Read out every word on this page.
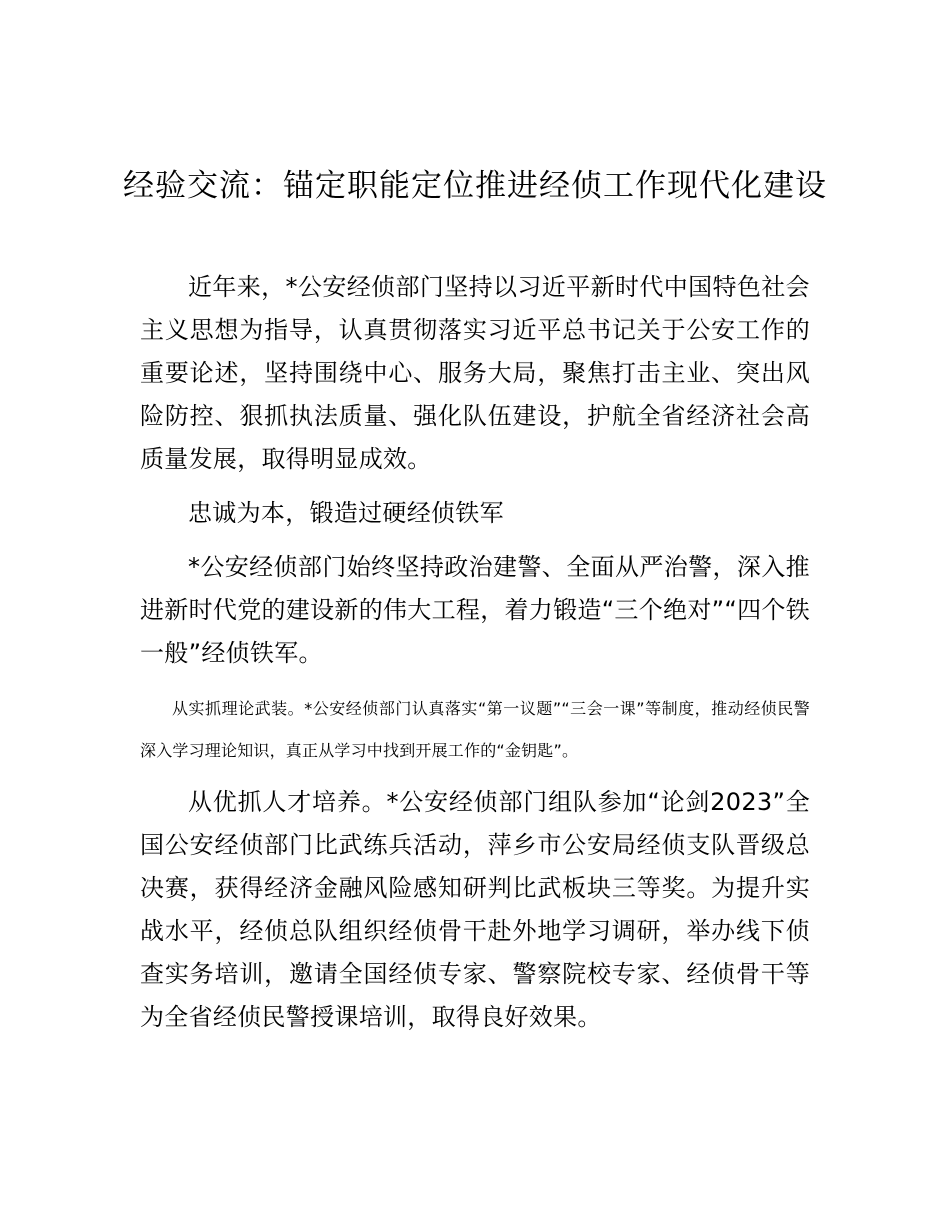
经验交流：锚定职能定位推进经侦工作现代化建设

近年来，*公安经侦部门坚持以习近平新时代中国特色社会主义思想为指导，认真贯彻落实习近平总书记关于公安工作的重要论述，坚持围绕中心、服务大局，聚焦打击主业、突出风险防控、狠抓执法质量、强化队伍建设，护航全省经济社会高质量发展，取得明显成效。

忠诚为本，锻造过硬经侦铁军

*公安经侦部门始终坚持政治建警、全面从严治警，深入推进新时代党的建设新的伟大工程，着力锻造“三个绝对”“四个铁一般”经侦铁军。

从实抓理论武装。*公安经侦部门认真落实“第一议题”“三会一课”等制度，推动经侦民警深入学习理论知识，真正从学习中找到开展工作的“金钥匙”。

从优抓人才培养。*公安经侦部门组队参加“论剑2023”全国公安经侦部门比武练兵活动，萍乡市公安局经侦支队晋级总决赛，获得经济金融风险感知研判比武板块三等奖。为提升实战水平，经侦总队组织经侦骨干赴外地学习调研，举办线下侦查实务培训，邀请全国经侦专家、警察院校专家、经侦骨干等为全省经侦民警授课培训，取得良好效果。
